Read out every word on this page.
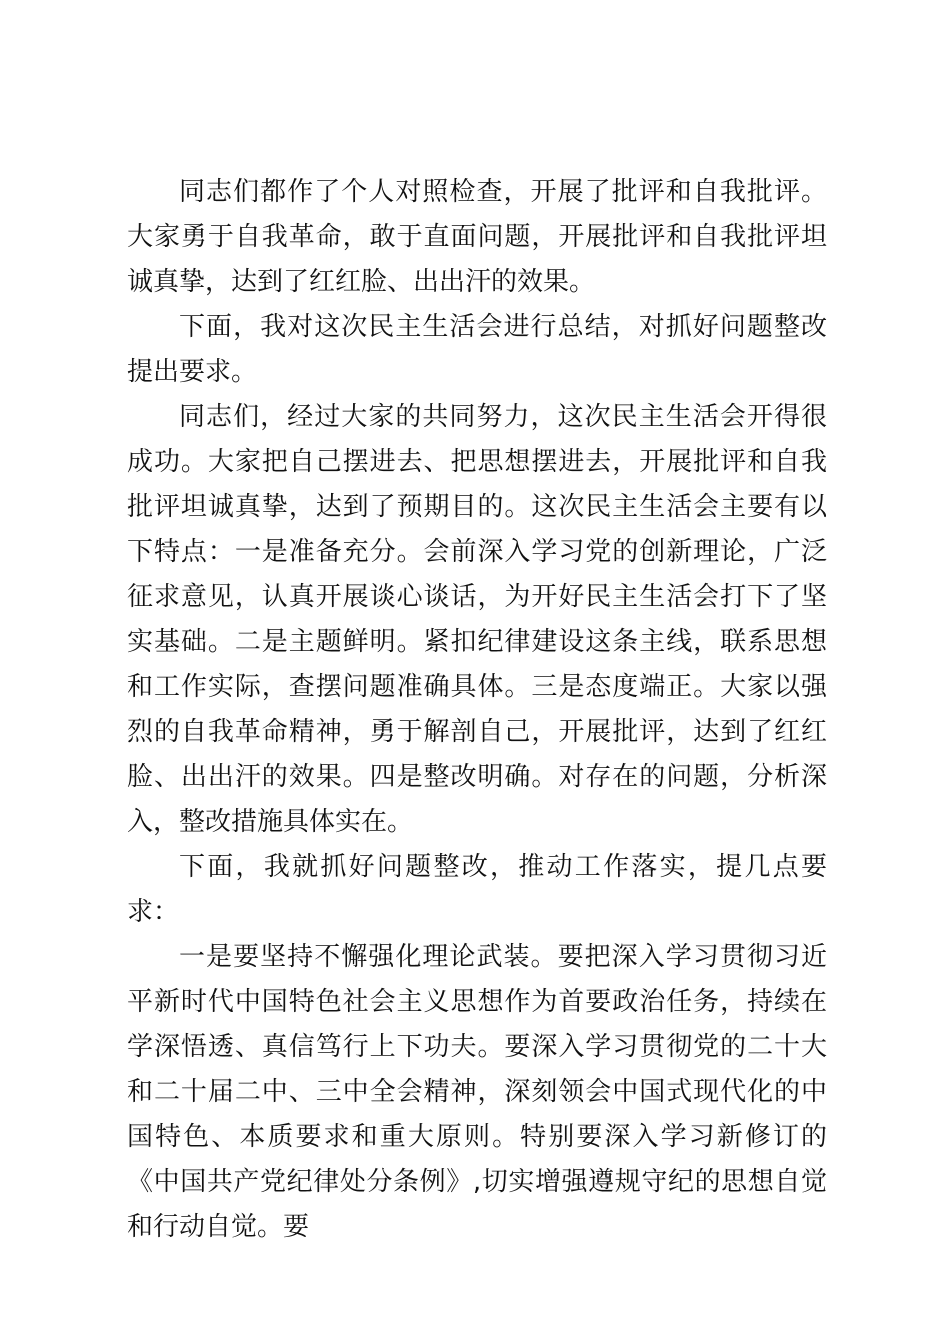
同志们都作了个人对照检查，开展了批评和自我批评。大家勇于自我革命，敢于直面问题，开展批评和自我批评坦诚真挚，达到了红红脸、出出汗的效果。

下面，我对这次民主生活会进行总结，对抓好问题整改提出要求。

同志们，经过大家的共同努力，这次民主生活会开得很成功。大家把自己摆进去、把思想摆进去，开展批评和自我批评坦诚真挚，达到了预期目的。这次民主生活会主要有以下特点：一是准备充分。会前深入学习党的创新理论，广泛征求意见，认真开展谈心谈话，为开好民主生活会打下了坚实基础。二是主题鲜明。紧扣纪律建设这条主线，联系思想和工作实际，查摆问题准确具体。三是态度端正。大家以强烈的自我革命精神，勇于解剖自己，开展批评，达到了红红脸、出出汗的效果。四是整改明确。对存在的问题，分析深入，整改措施具体实在。

下面，我就抓好问题整改，推动工作落实，提几点要求：

一是要坚持不懈强化理论武装。要把深入学习贯彻习近平新时代中国特色社会主义思想作为首要政治任务，持续在学深悟透、真信笃行上下功夫。要深入学习贯彻党的二十大和二十届二中、三中全会精神，深刻领会中国式现代化的中国特色、本质要求和重大原则。特别要深入学习新修订的《中国共产党纪律处分条例》,切实增强遵规守纪的思想自觉和行动自觉。要
